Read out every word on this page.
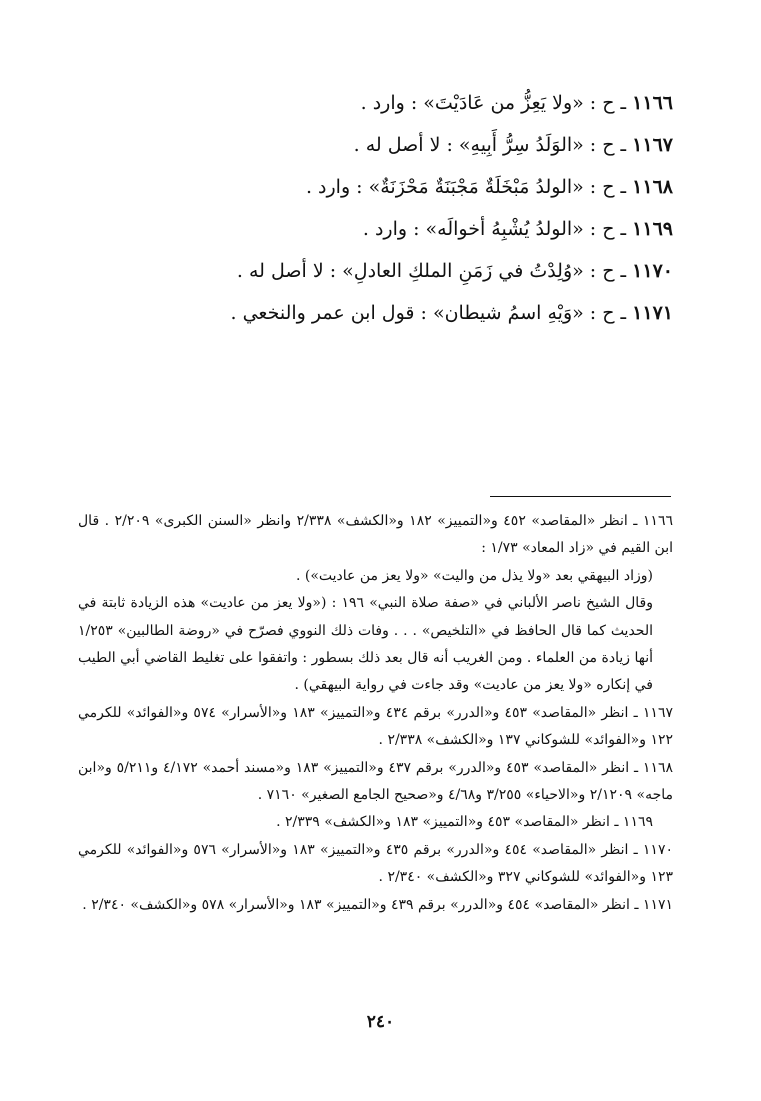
١١٦٦ ـ ح : «ولا يَعِزُّ من عَادَيْتَ» : وارد .
١١٦٧ ـ ح : «الوَلَدُ سِرُّ أَبِيهِ» : لا أصل له .
١١٦٨ ـ ح : «الولدُ مَبْخَلَةٌ مَجْبَنَةٌ مَحْزَنَةٌ» : وارد .
١١٦٩ ـ ح : «الولدُ يُشْبِهُ أخوالَه» : وارد .
١١٧٠ ـ ح : «وُلِدْتُ في زَمَنِ الملكِ العادلِ» : لا أصل له .
١١٧١ ـ ح : «وَيْهِ اسمُ شيطان» : قول ابن عمر والنخعي .
١١٦٦ ـ انظر «المقاصد» ٤٥٢ و«التمييز» ١٨٢ و«الكشف» ٢/٣٣٨ وانظر «السنن الكبرى» ٢/٢٠٩ . قال ابن القيم في «زاد المعاد» ١/٧٣ :
(وزاد البيهقي بعد «ولا يذل من واليت» «ولا يعز من عاديت») .
وقال الشيخ ناصر الألباني في «صفة صلاة النبي» ١٩٦ : («ولا يعز من عاديت» هذه الزيادة ثابتة في الحديث كما قال الحافظ في «التلخيص» . . . وفات ذلك النووي فصرّح في «روضة الطالبين» ١/٢٥٣ أنها زيادة من العلماء . ومن الغريب أنه قال بعد ذلك بسطور : واتفقوا على تغليط القاضي أبي الطيب في إنكاره «ولا يعز من عاديت» وقد جاءت في رواية البيهقي) .
١١٦٧ ـ انظر «المقاصد» ٤٥٣ و«الدرر» برقم ٤٣٤ و«التمييز» ١٨٣ و«الأسرار» ٥٧٤ و«الفوائد» للكرمي ١٢٢ و«الفوائد» للشوكاني ١٣٧ و«الكشف» ٢/٣٣٨ .
١١٦٨ ـ انظر «المقاصد» ٤٥٣ و«الدرر» برقم ٤٣٧ و«التمييز» ١٨٣ و«مسند أحمد» ٤/١٧٢ و٥/٢١١ و«ابن ماجه» ٢/١٢٠٩ و«الاحياء» ٣/٢٥٥ و٤/٦٨ و«صحيح الجامع الصغير» ٧١٦٠ .
١١٦٩ ـ انظر «المقاصد» ٤٥٣ و«التمييز» ١٨٣ و«الكشف» ٢/٣٣٩ .
١١٧٠ ـ انظر «المقاصد» ٤٥٤ و«الدرر» برقم ٤٣٥ و«التمييز» ١٨٣ و«الأسرار» ٥٧٦ و«الفوائد» للكرمي ١٢٣ و«الفوائد» للشوكاني ٣٢٧ و«الكشف» ٢/٣٤٠ .
١١٧١ ـ انظر «المقاصد» ٤٥٤ و«الدرر» برقم ٤٣٩ و«التمييز» ١٨٣ و«الأسرار» ٥٧٨ و«الكشف» ٢/٣٤٠ .
٢٤٠
